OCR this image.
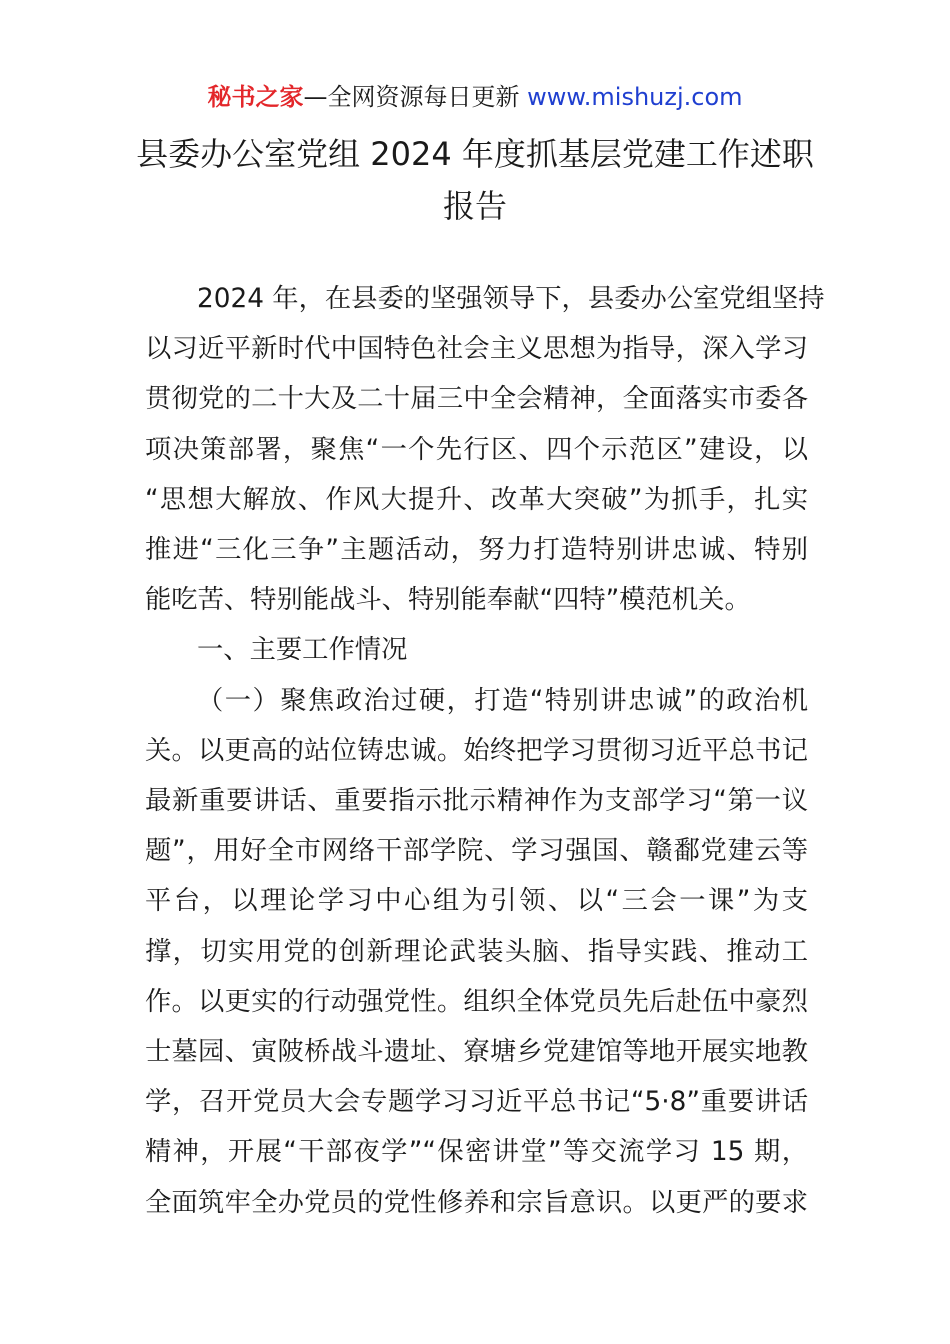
秘书之家—全网资源每日更新 www.mishuzj.com
县委办公室党组 2024 年度抓基层党建工作述职
报告
2024 年，在县委的坚强领导下，县委办公室党组坚持
以习近平新时代中国特色社会主义思想为指导，深入学习
贯彻党的二十大及二十届三中全会精神，全面落实市委各
项决策部署，聚焦“一个先行区、四个示范区”建设，以
“思想大解放、作风大提升、改革大突破”为抓手，扎实
推进“三化三争”主题活动，努力打造特别讲忠诚、特别
能吃苦、特别能战斗、特别能奉献“四特”模范机关。
一、主要工作情况
（一）聚焦政治过硬，打造“特别讲忠诚”的政治机
关。以更高的站位铸忠诚。始终把学习贯彻习近平总书记
最新重要讲话、重要指示批示精神作为支部学习“第一议
题”，用好全市网络干部学院、学习强国、赣鄱党建云等
平台，以理论学习中心组为引领、以“三会一课”为支
撑，切实用党的创新理论武装头脑、指导实践、推动工
作。以更实的行动强党性。组织全体党员先后赴伍中豪烈
士墓园、寅陂桥战斗遗址、寮塘乡党建馆等地开展实地教
学，召开党员大会专题学习习近平总书记“5·8”重要讲话
精神，开展“干部夜学”“保密讲堂”等交流学习 15 期，
全面筑牢全办党员的党性修养和宗旨意识。以更严的要求
